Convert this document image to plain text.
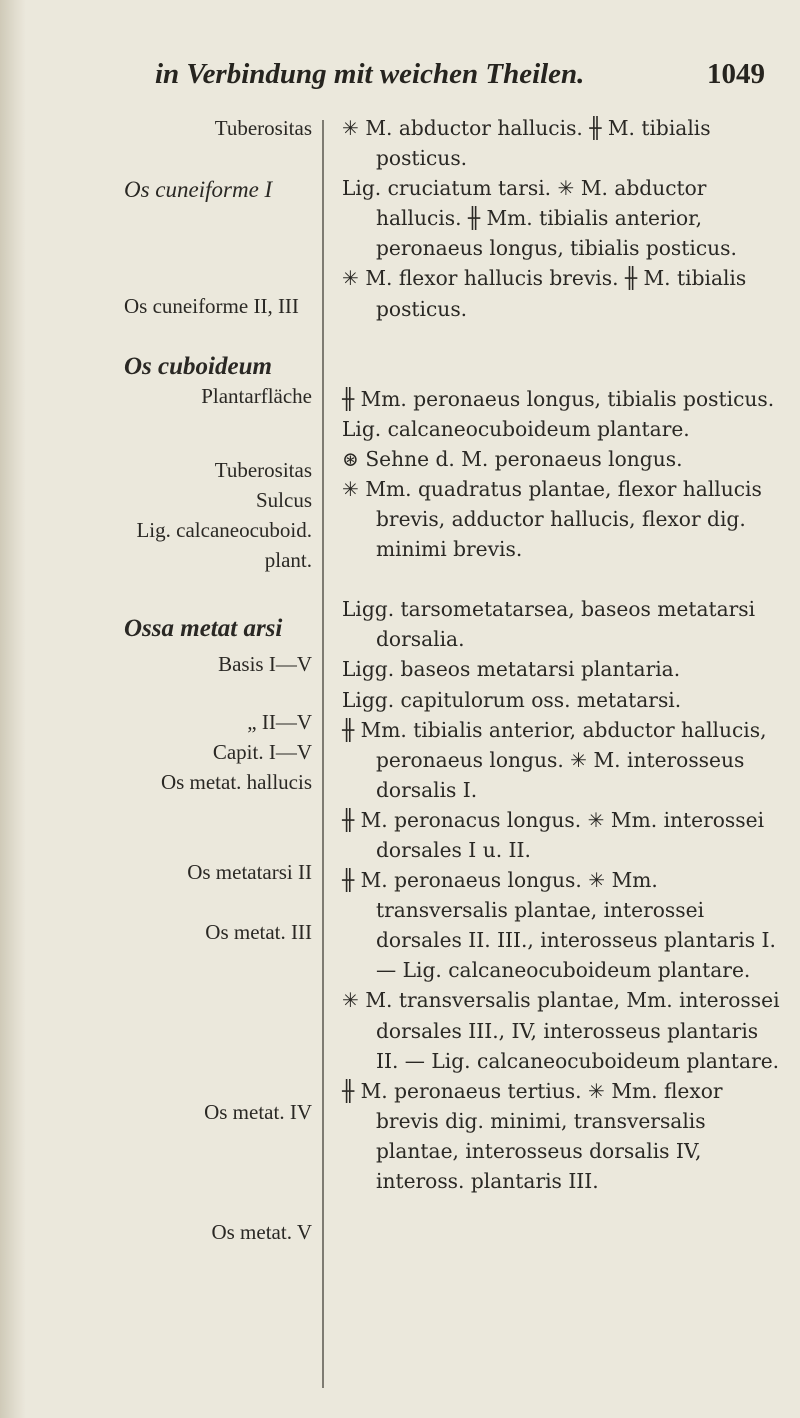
in Verbindung mit weichen Theilen.	1049
Tuberositas
Os cuneiforme I
Os cuneiforme II, III
Os cuboideum
Plantarfläche
Tuberositas
Sulcus
Lig. calcaneocuboid.
plant.
Ossa metat arsi
Basis I—V
„ II—V
Capit. I—V
Os metat. hallucis
Os metatarsi II
Os metat. III
Os metat. IV
Os metat. V

✳ M. abductor hallucis. ╫ M. tibialis posticus.

Lig. cruciatum tarsi. ✳ M. abductor hallucis. ╫ Mm. tibialis anterior, peronaeus longus, tibialis posticus.

✳ M. flexor hallucis brevis. ╫ M. tibialis posticus.

╫ Mm. peronaeus longus, tibialis posticus.

Lig. calcaneocuboideum plantare.

⊛ Sehne d. M. peronaeus longus.

✳ Mm. quadratus plantae, flexor hallucis brevis, adductor hallucis, flexor dig. minimi brevis.

Ligg. tarsometatarsea, baseos metatarsi dorsalia.

Ligg. baseos metatarsi plantaria.

Ligg. capitulorum oss. metatarsi.

╫ Mm. tibialis anterior, abductor hallucis, peronaeus longus. ✳ M. interosseus dorsalis I.

╫ M. peronacus longus. ✳ Mm. interossei dorsales I u. II.

╫ M. peronaeus longus. ✳ Mm. transversalis plantae, interossei dorsales II. III., interosseus plantaris I. — Lig. calcaneocuboideum plantare.

✳ M. transversalis plantae, Mm. interossei dorsales III., IV, interosseus plantaris II. — Lig. calcaneocuboideum plantare.

╫ M. peronaeus tertius. ✳ Mm. flexor brevis dig. minimi, transversalis plantae, interosseus dorsalis IV, inteross. plantaris III.
